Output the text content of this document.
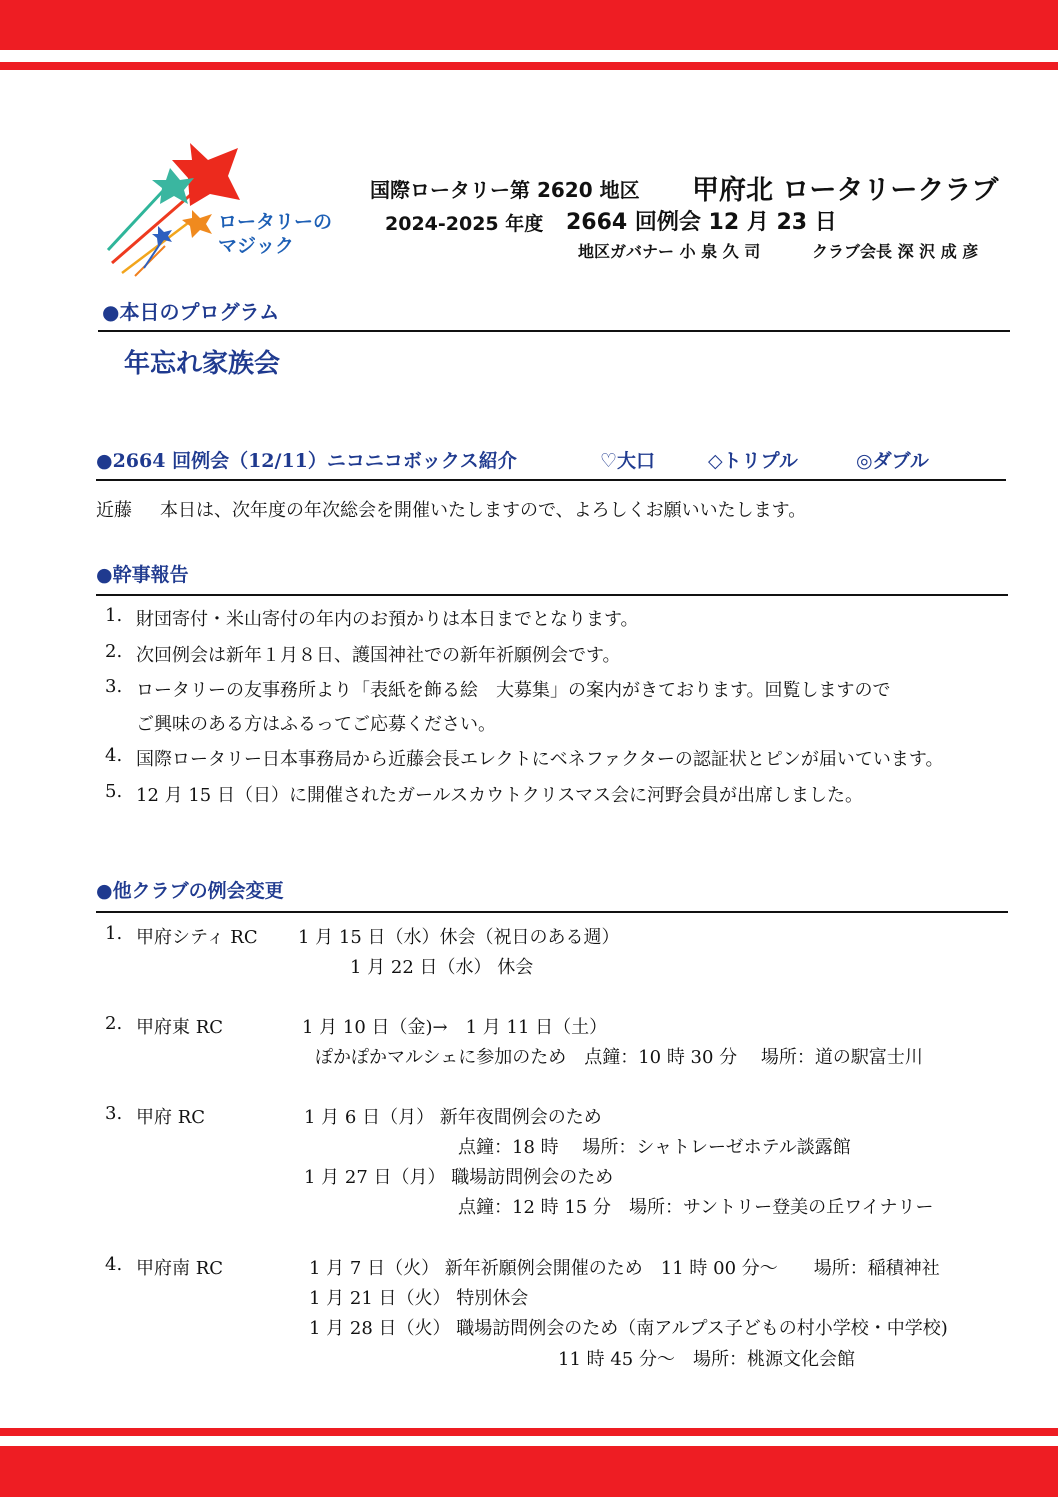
ロータリーの
マジック
国際ロータリー第 2620 地区 甲府北 ロータリークラブ
2024-2025 年度 2664 回例会 12 月 23 日
地区ガバナー 小 泉 久 司	クラブ会長 深 沢 成 彦
●本日のプログラム
年忘れ家族会
●2664 回例会（12/11）ニコニコボックス紹介	♡大口	◇トリプル	◎ダブル
近藤 本日は、次年度の年次総会を開催いたしますので、よろしくお願いいたします。
●幹事報告
1. 財団寄付・米山寄付の年内のお預かりは本日までとなります。
2. 次回例会は新年１月８日、護国神社での新年祈願例会です。
3. ロータリーの友事務所より「表紙を飾る絵　大募集」の案内がきております。回覧しますので
ご興味のある方はふるってご応募ください。
4. 国際ロータリー日本事務局から近藤会長エレクトにベネファクターの認証状とピンが届いています。
5. 12 月 15 日（日）に開催されたガールスカウトクリスマス会に河野会員が出席しました。
●他クラブの例会変更
1. 甲府シティ RC 1 月 15 日（水）休会（祝日のある週）
1 月 22 日（水） 休会
2. 甲府東 RC	1 月 10 日（金)→　1 月 11 日（土）
ぽかぽかマルシェに参加のため　点鐘：10 時 30 分　 場所：道の駅富士川
3. 甲府 RC	1 月 6 日（月） 新年夜間例会のため
点鐘：18 時　 場所：シャトレーゼホテル談露館
1 月 27 日（月） 職場訪問例会のため
点鐘：12 時 15 分　場所：サントリー登美の丘ワイナリー
4. 甲府南 RC	1 月 7 日（火） 新年祈願例会開催のため　11 時 00 分〜　　場所：稲積神社
1 月 21 日（火） 特別休会
1 月 28 日（火） 職場訪問例会のため（南アルプス子どもの村小学校・中学校)
11 時 45 分〜　場所：桃源文化会館
